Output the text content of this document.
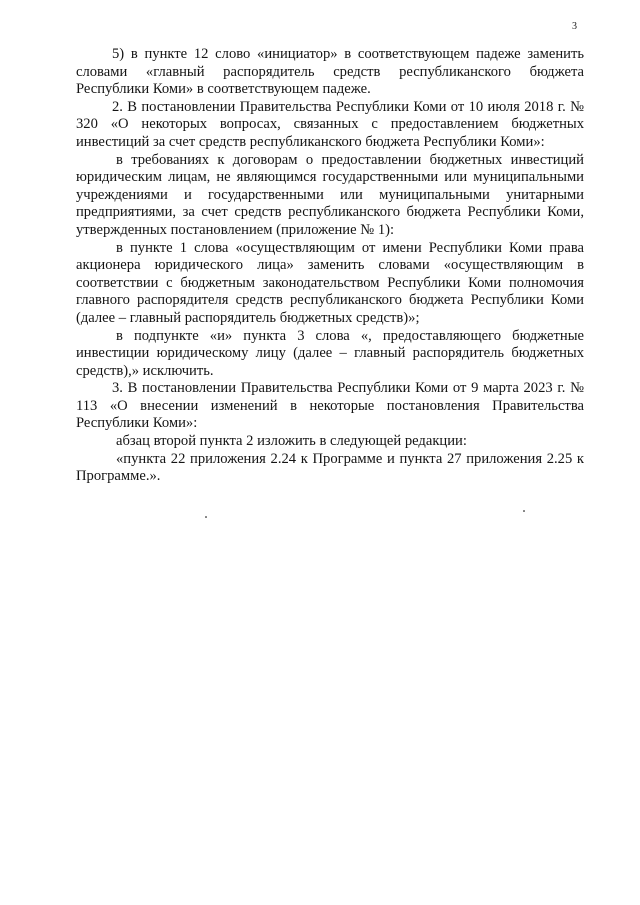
3

5) в пункте 12 слово «инициатор» в соответствующем падеже заменить словами «главный распорядитель средств республиканского бюджета Республики Коми» в соответствующем падеже.

2. В постановлении Правительства Республики Коми от 10 июля 2018 г. № 320 «О некоторых вопросах, связанных с предоставлением бюджетных инвестиций за счет средств республиканского бюджета Республики Коми»:

в требованиях к договорам о предоставлении бюджетных инвестиций юридическим лицам, не являющимся государственными или муниципальными учреждениями и государственными или муниципальными унитарными предприятиями, за счет средств республиканского бюджета Республики Коми, утвержденных постановлением (приложение № 1):

в пункте 1 слова «осуществляющим от имени Республики Коми права акционера юридического лица» заменить словами «осуществляющим в соответствии с бюджетным законодательством Республики Коми полномочия главного распорядителя средств республиканского бюджета Республики Коми (далее – главный распорядитель бюджетных средств)»;

в подпункте «и» пункта 3 слова «, предоставляющего бюджетные инвестиции юридическому лицу (далее – главный распорядитель бюджетных средств),» исключить.

3. В постановлении Правительства Республики Коми от 9 марта 2023 г. № 113 «О внесении изменений в некоторые постановления Правительства Республики Коми»:

абзац второй пункта 2 изложить в следующей редакции:

«пункта 22 приложения 2.24 к Программе и пункта 27 приложения 2.25 к Программе.».
